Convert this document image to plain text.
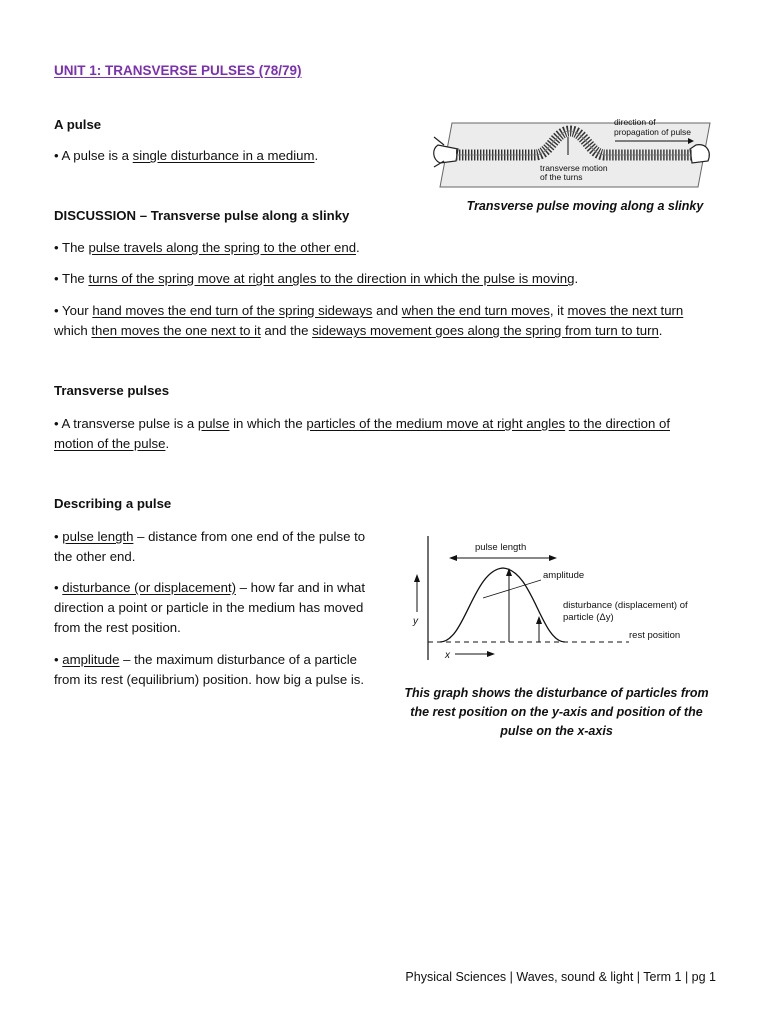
UNIT 1: TRANSVERSE PULSES (78/79)
A pulse
• A pulse is a single disturbance in a medium.
direction of
propagation of pulse
transverse motion
of the turns
Transverse pulse moving along a slinky
DISCUSSION – Transverse pulse along a slinky
• The pulse travels along the spring to the other end.
• The turns of the spring move at right angles to the direction in which the pulse is moving.
• Your hand moves the end turn of the spring sideways and when the end turn moves, it moves the next turn
which then moves the one next to it and the sideways movement goes along the spring from turn to turn.
Transverse pulses
• A transverse pulse is a pulse in which the particles of the medium move at right angles to the direction of
motion of the pulse.
Describing a pulse
• pulse length – distance from one end of the pulse to
the other end.
• disturbance (or displacement) – how far and in what
direction a point or particle in the medium has moved
from the rest position.
• amplitude – the maximum disturbance of a particle
from its rest (equilibrium) position. how big a pulse is.
y
rest position
pulse length
amplitude
disturbance (displacement) of
particle (Δy)
x
This graph shows the disturbance of particles from
the rest position on the y-axis and position of the
pulse on the x-axis
Physical Sciences | Waves, sound & light | Term 1 | pg 1
